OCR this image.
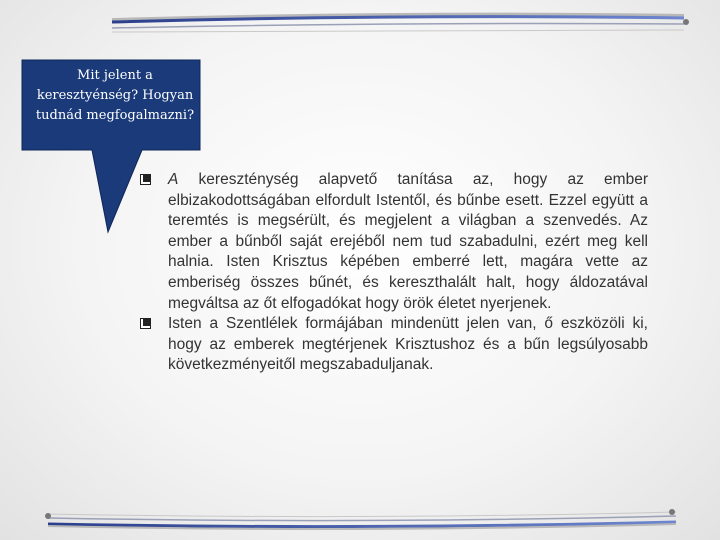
Mit jelent a keresztyénség? Hogyan tudnád megfogalmazni?
A kereszténység alapvető tanítása az, hogy az ember elbizakodottságában elfordult Istentől, és bűnbe esett. Ezzel együtt a teremtés is megsérült, és megjelent a világban a szenvedés. Az ember a bűnből saját erejéből nem tud szabadulni, ezért meg kell halnia. Isten Krisztus képében emberré lett, magára vette az emberiség összes bűnét, és kereszthalált halt, hogy áldozatával megváltsa az őt elfogadókat hogy örök életet nyerjenek.
Isten a Szentlélek formájában mindenütt jelen van, ő eszközöli ki, hogy az emberek megtérjenek Krisztushoz és a bűn legsúlyosabb következményeitől megszabaduljanak.
